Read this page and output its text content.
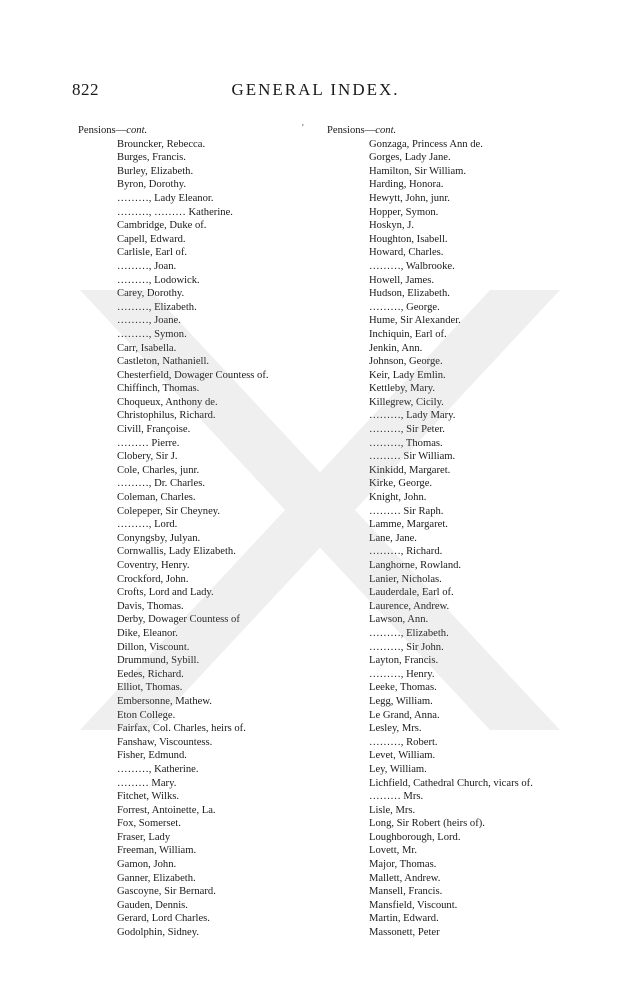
822	GENERAL INDEX.
'
Pensions—cont.
Brouncker, Rebecca.
Burges, Francis.
Burley, Elizabeth.
Byron, Dorothy.
………, Lady Eleanor.
………, ……… Katherine.
Cambridge, Duke of.
Capell, Edward.
Carlisle, Earl of.
………, Joan.
………, Lodowick.
Carey, Dorothy.
………, Elizabeth.
………, Joane.
………, Symon.
Carr, Isabella.
Castleton, Nathaniell.
Chesterfield, Dowager Countess of.
Chiffinch, Thomas.
Choqueux, Anthony de.
Christophilus, Richard.
Civill, Françoise.
……… Pierre.
Clobery, Sir J.
Cole, Charles, junr.
………, Dr. Charles.
Coleman, Charles.
Colepeper, Sir Cheyney.
………, Lord.
Conyngsby, Julyan.
Cornwallis, Lady Elizabeth.
Coventry, Henry.
Crockford, John.
Crofts, Lord and Lady.
Davis, Thomas.
Derby, Dowager Countess of
Dike, Eleanor.
Dillon, Viscount.
Drummund, Sybill.
Eedes, Richard.
Elliot, Thomas.
Embersonne, Mathew.
Eton College.
Fairfax, Col. Charles, heirs of.
Fanshaw, Viscountess.
Fisher, Edmund.
………, Katherine.
……… Mary.
Fitchet, Wilks.
Forrest, Antoinette, La.
Fox, Somerset.
Fraser, Lady
Freeman, William.
Gamon, John.
Ganner, Elizabeth.
Gascoyne, Sir Bernard.
Gauden, Dennis.
Gerard, Lord Charles.
Godolphin, Sidney.
Pensions—cont.
Gonzaga, Princess Ann de.
Gorges, Lady Jane.
Hamilton, Sir William.
Harding, Honora.
Hewytt, John, junr.
Hopper, Symon.
Hoskyn, J.
Houghton, Isabell.
Howard, Charles.
………, Walbrooke.
Howell, James.
Hudson, Elizabeth.
………, George.
Hume, Sir Alexander.
Inchiquin, Earl of.
Jenkin, Ann.
Johnson, George.
Keir, Lady Emlin.
Kettleby, Mary.
Killegrew, Cicily.
………, Lady Mary.
………, Sir Peter.
………, Thomas.
……… Sir William.
Kinkidd, Margaret.
Kirke, George.
Knight, John.
……… Sir Raph.
Lamme, Margaret.
Lane, Jane.
………, Richard.
Langhorne, Rowland.
Lanier, Nicholas.
Lauderdale, Earl of.
Laurence, Andrew.
Lawson, Ann.
………, Elizabeth.
………, Sir John.
Layton, Francis.
………, Henry.
Leeke, Thomas.
Legg, William.
Le Grand, Anna.
Lesley, Mrs.
………, Robert.
Levet, William.
Ley, William.
Lichfield, Cathedral Church, vicars of.
……… Mrs.
Lisle, Mrs.
Long, Sir Robert (heirs of).
Loughborough, Lord.
Lovett, Mr.
Major, Thomas.
Mallett, Andrew.
Mansell, Francis.
Mansfield, Viscount.
Martin, Edward.
Massonett, Peter
